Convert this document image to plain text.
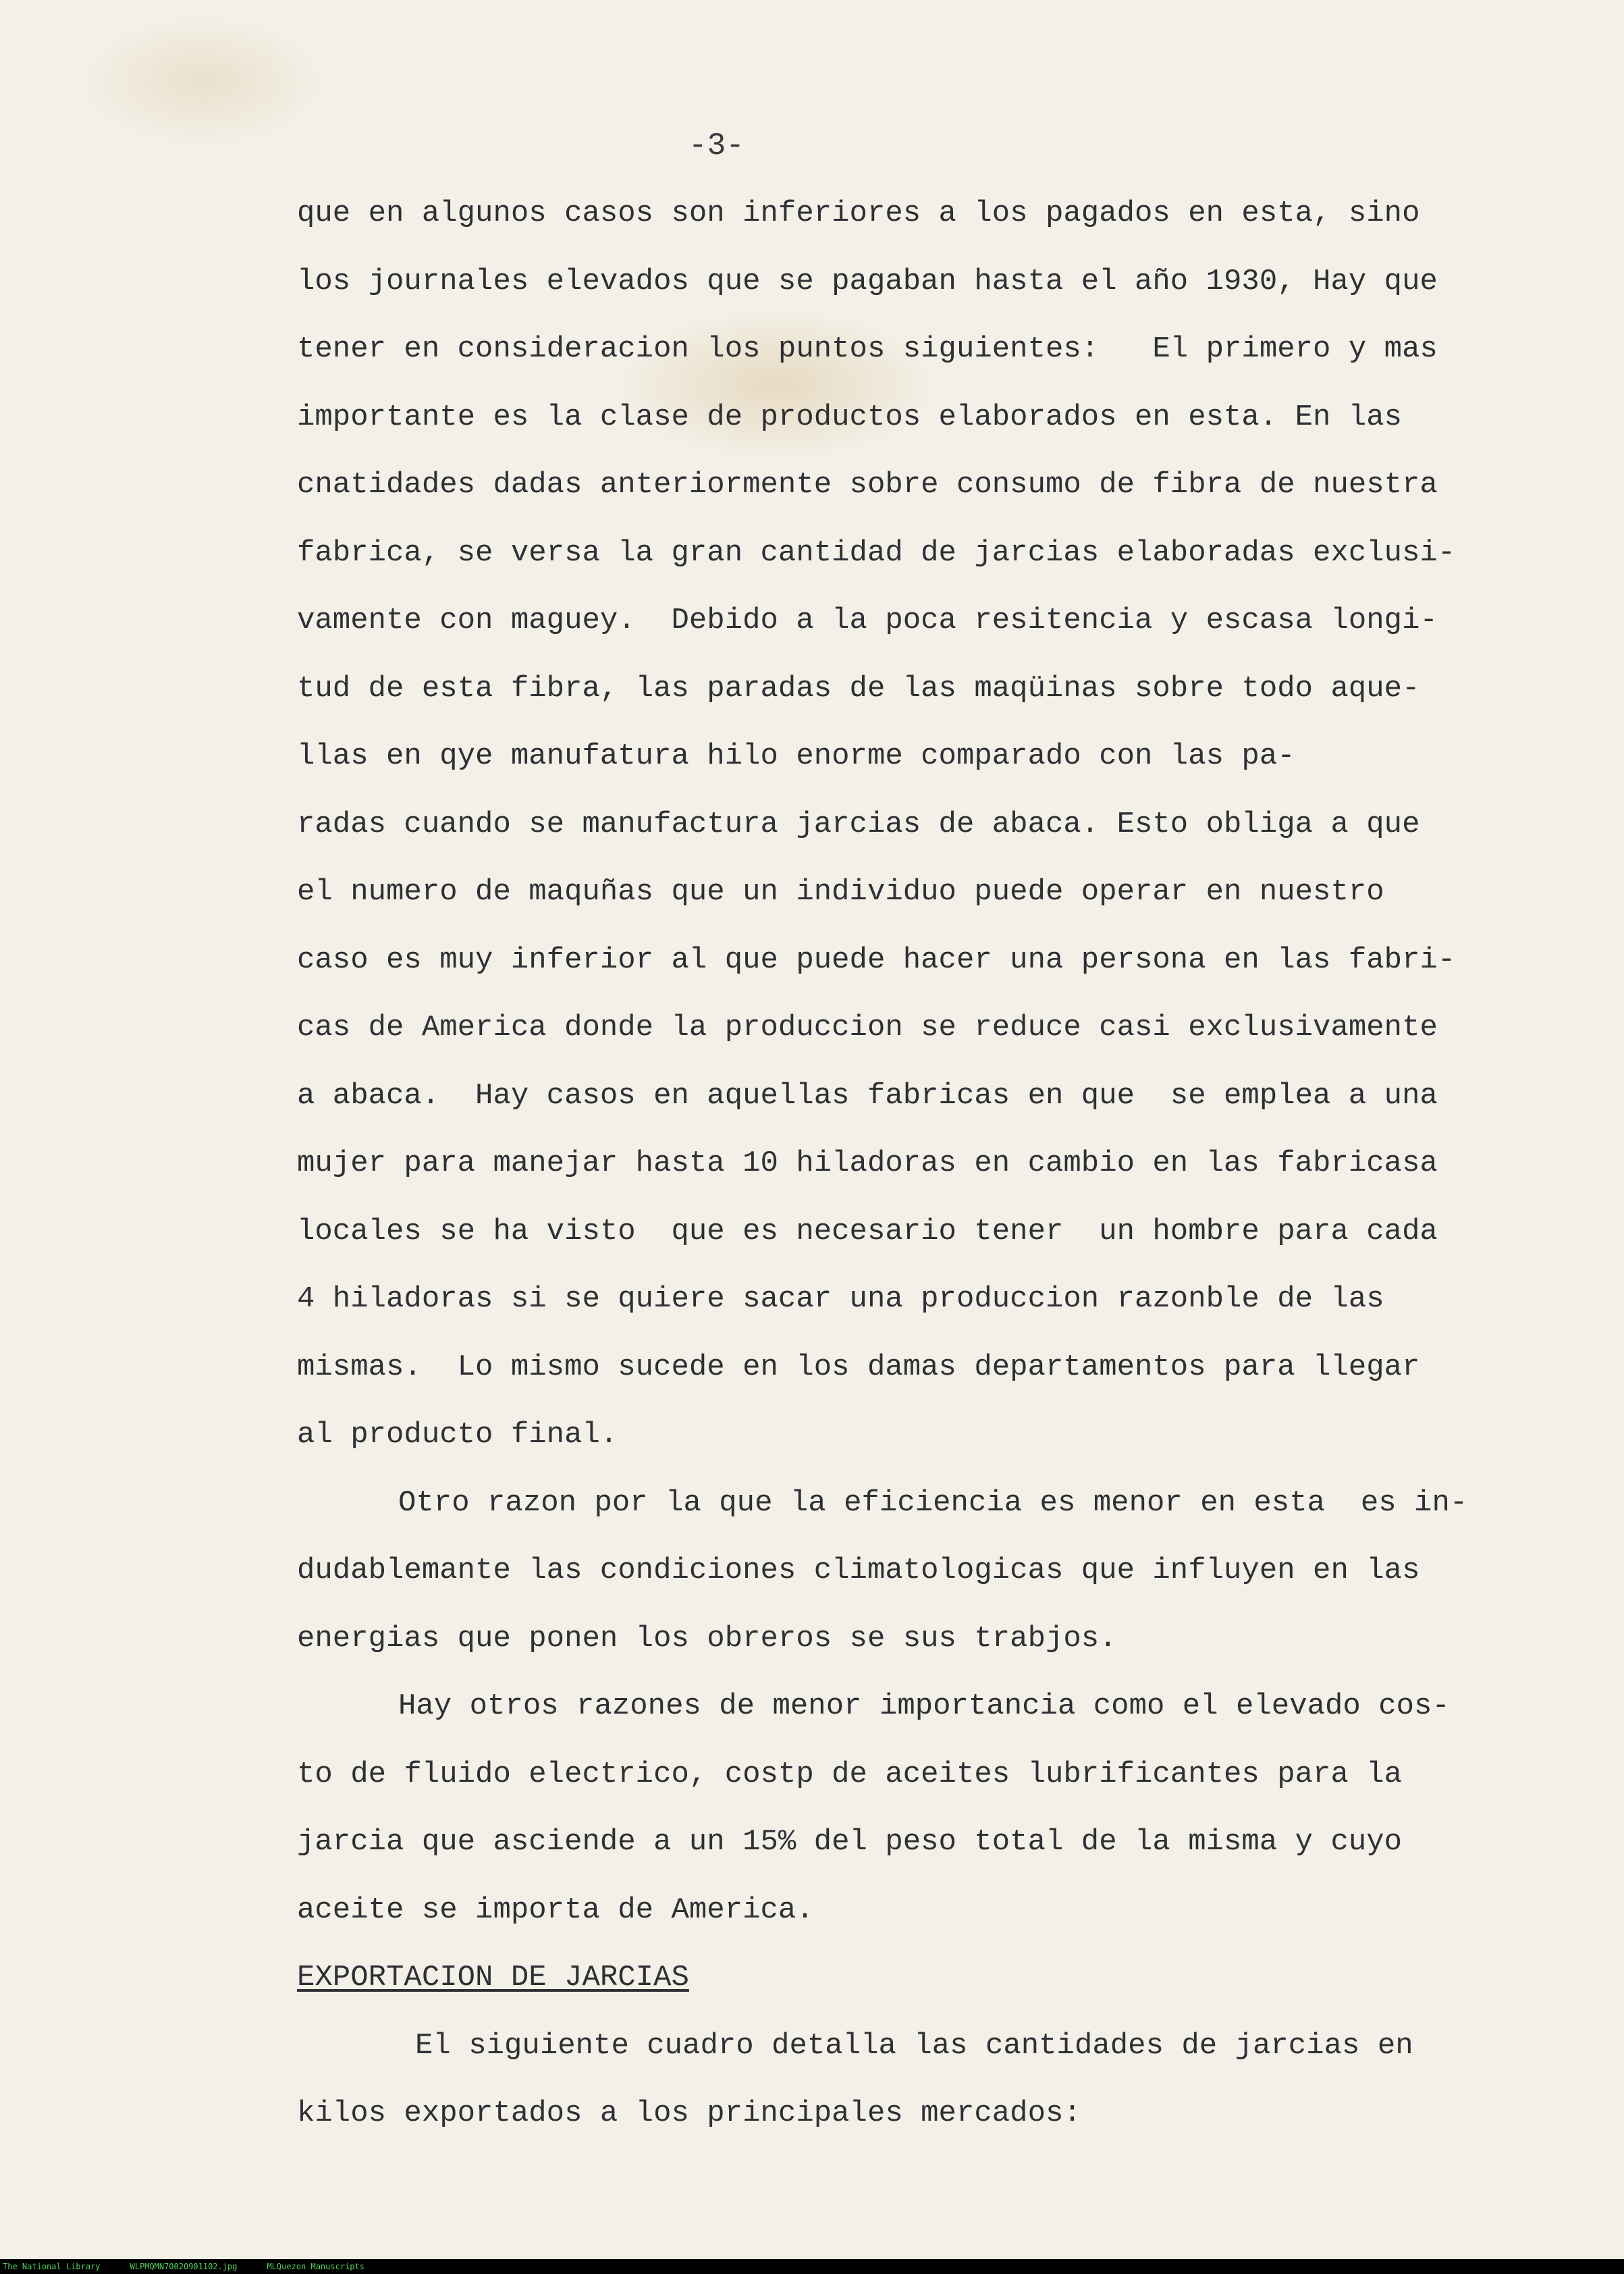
-3-

que en algunos casos son inferiores a los pagados en esta, sino
los journales elevados que se pagaban hasta el año 1930, Hay que
tener en consideracion los puntos siguientes:   El primero y mas
importante es la clase de productos elaborados en esta. En las
cnatidades dadas anteriormente sobre consumo de fibra de nuestra
fabrica, se versa la gran cantidad de jarcias elaboradas exclusi-
vamente con maguey.  Debido a la poca resitencia y escasa longi-
tud de esta fibra, las paradas de las maqüinas sobre todo aque-
llas en qye manufatura hilo enorme comparado con las pa-
radas cuando se manufactura jarcias de abaca. Esto obliga a que
el numero de maquñas que un individuo puede operar en nuestro
caso es muy inferior al que puede hacer una persona en las fabri-
cas de America donde la produccion se reduce casi exclusivamente
a abaca.  Hay casos en aquellas fabricas en que  se emplea a una
mujer para manejar hasta 10 hiladoras en cambio en las fabricasa
locales se ha visto  que es necesario tener  un hombre para cada
4 hiladoras si se quiere sacar una produccion razonble de las
mismas.  Lo mismo sucede en los damas departamentos para llegar
al producto final.
Otro razon por la que la eficiencia es menor en esta  es in-
dudablemante las condiciones climatologicas que influyen en las
energias que ponen los obreros se sus trabjos.
Hay otros razones de menor importancia como el elevado cos-
to de fluido electrico, costp de aceites lubrificantes para la
jarcia que asciende a un 15% del peso total de la misma y cuyo
aceite se importa de America.
EXPORTACION DE JARCIAS
El siguiente cuadro detalla las cantidades de jarcias en
kilos exportados a los principales mercados:
The National Library	WLPMQMN70020901102.jpg	MLQuezon Manuscripts
